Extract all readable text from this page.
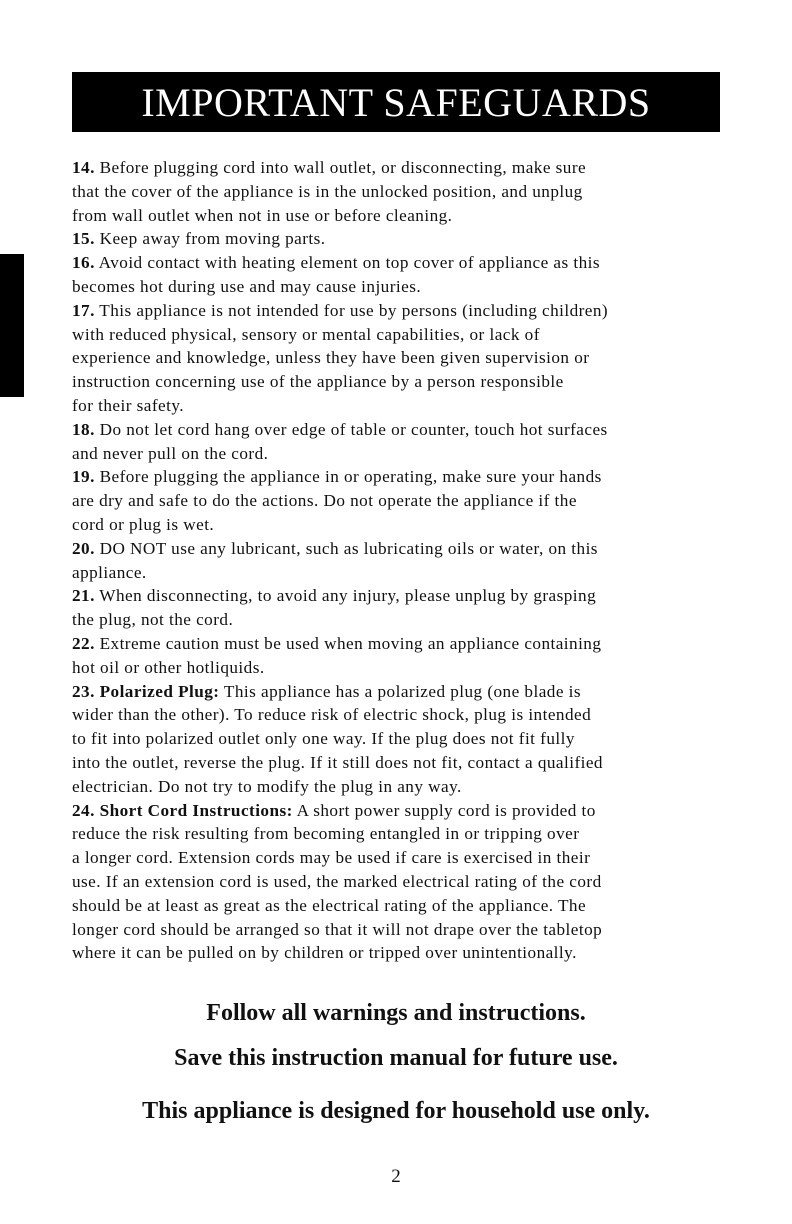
IMPORTANT SAFEGUARDS
14. Before plugging cord into wall outlet, or disconnecting, make sure
that the cover of the appliance is in the unlocked position, and unplug
from wall outlet when not in use or before cleaning.
15. Keep away from moving parts.
16. Avoid contact with heating element on top cover of appliance as this
becomes hot during use and may cause injuries.
17. This appliance is not intended for use by persons (including children)
with reduced physical, sensory or mental capabilities, or lack of
experience and knowledge, unless they have been given supervision or
instruction concerning use of the appliance by a person responsible
for their safety.
18. Do not let cord hang over edge of table or counter, touch hot surfaces
and never pull on the cord.
19. Before plugging the appliance in or operating, make sure your hands
are dry and safe to do the actions. Do not operate the appliance if the
cord or plug is wet.
20. DO NOT use any lubricant, such as lubricating oils or water, on this
appliance.
21. When disconnecting, to avoid any injury, please unplug by grasping
the plug, not the cord.
22. Extreme caution must be used when moving an appliance containing
hot oil or other hotliquids.
23. Polarized Plug: This appliance has a polarized plug (one blade is
wider than the other). To reduce risk of electric shock, plug is intended
to fit into polarized outlet only one way. If the plug does not fit fully
into the outlet, reverse the plug. If it still does not fit, contact a qualified
electrician. Do not try to modify the plug in any way.
24. Short Cord Instructions: A short power supply cord is provided to
reduce the risk resulting from becoming entangled in or tripping over
a longer cord. Extension cords may be used if care is exercised in their
use. If an extension cord is used, the marked electrical rating of the cord
should be at least as great as the electrical rating of the appliance. The
longer cord should be arranged so that it will not drape over the tabletop
where it can be pulled on by children or tripped over unintentionally.
Follow all warnings and instructions.
Save this instruction manual for future use.
This appliance is designed for household use only.
2
